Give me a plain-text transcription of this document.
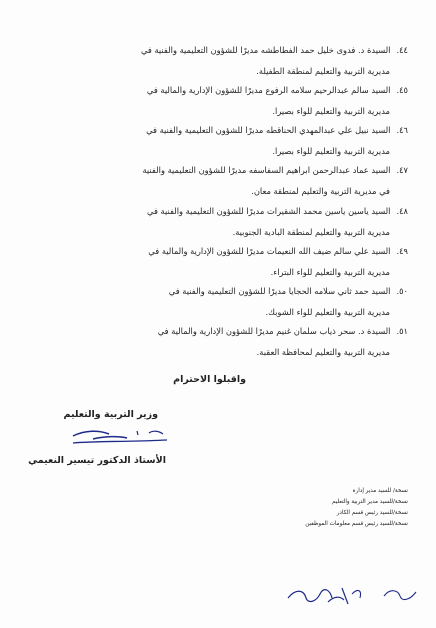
٤٤.السيدة د. فدوى خليل حمد الفطاطشه مديرًا للشؤون التعليمية والفنية في
مديرية التربية والتعليم لمنطقة الطفيلة.
٤٥.السيد سالم عبدالرحيم سلامه الرفوع مديرًا للشؤون الإدارية والمالية في
مديرية التربية والتعليم للواء بصيرا.
٤٦.السيد نبيل علي عبدالمهدي الحناقطه مديرًا للشؤون التعليمية والفنية في
مديرية التربية والتعليم للواء بصيرا.
٤٧.السيد عماد عبدالرحمن ابراهيم السفاسفه مديرًا للشؤون التعليمية والفنية
في مديرية التربية والتعليم لمنطقة معان.
٤٨.السيد ياسين ياسين محمد الشقيرات مديرًا للشؤون التعليمية والفنية في
مديرية التربية والتعليم لمنطقة البادية الجنوبية.
٤٩.السيد علي سالم ضيف الله النعيمات مديرًا للشؤون الإدارية والمالية في
مديرية التربية والتعليم للواء البتراء.
٥٠.السيد حمد ثاني سلامه الحجايا مديرًا للشؤون التعليمية والفنية في
مديرية التربية والتعليم للواء الشوبك.
٥١.السيدة د. سحر ذياب سلمان غنيم مديرًا للشؤون الإدارية والمالية في
مديرية التربية والتعليم لمحافظة العقبة.
واقبلوا الاحترام
وزير التربية والتعليم
الأستاذ الدكتور تيسير النعيمي
نسخة/ للسيد مدير إدارة
نسخة/للسيد مدير التربية والتعليم
نسخة/للسيد رئيس قسم الكادر
نسخة/للسيد رئيس قسم معلومات الموظفين
